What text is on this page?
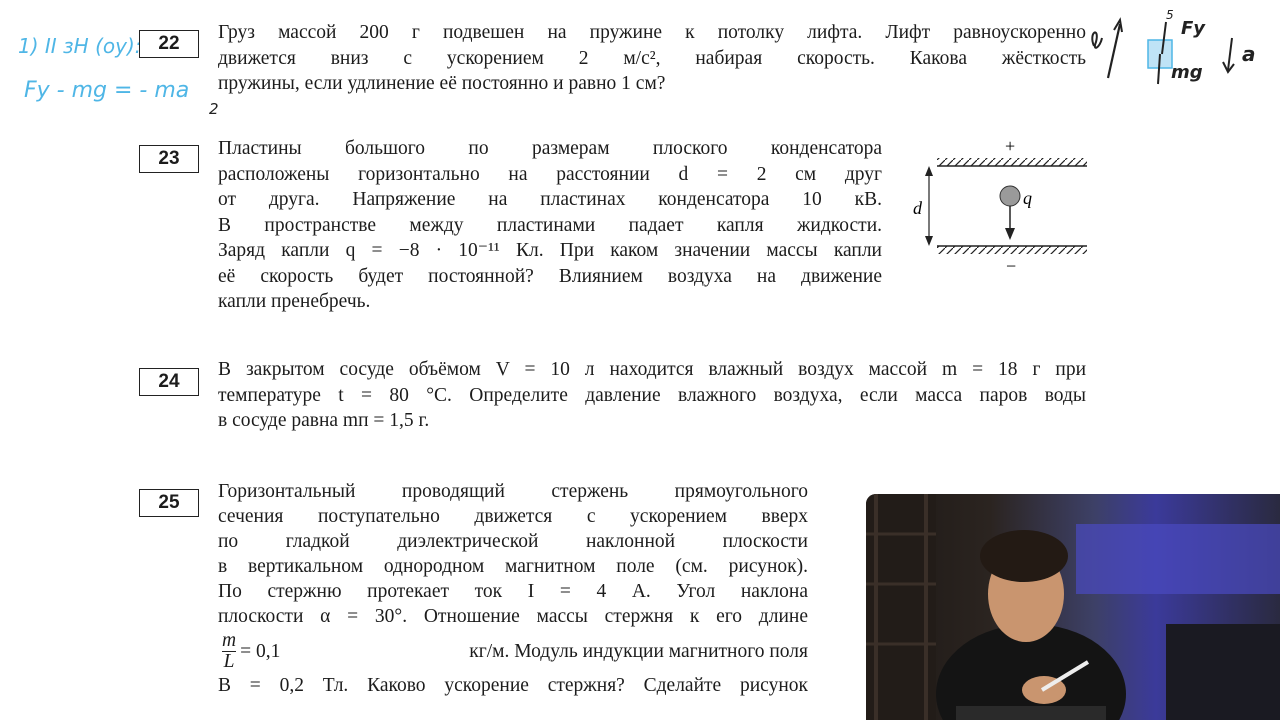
1) II зН (оу):
Fу - mg = - ma
2
5
Fу
mg
a
22
Груз массой 200 г подвешен на пружине к потолку лифта. Лифт равноускоренно
движется вниз с ускорением 2 м/с², набирая скорость. Какова жёсткость
пружины, если удлинение её постоянно и равно 1 см?
23	Пластины большого по размерам плоского конденсатора
расположены горизонтально на расстоянии d = 2 см друг
от друга. Напряжение на пластинах конденсатора 10 кВ.
В пространстве между пластинами падает капля жидкости.
Заряд капли q = −8 · 10⁻¹¹ Кл. При каком значении массы капли
её скорость будет постоянной? Влиянием воздуха на движение
капли пренебречь.
+
−
d	q
24
В закрытом сосуде объёмом V = 10 л находится влажный воздух массой m = 18 г при
температуре t = 80 °C. Определите давление влажного воздуха, если масса паров воды
в сосуде равна mп = 1,5 г.
25
Горизонтальный проводящий стержень прямоугольного
сечения поступательно движется с ускорением вверх
по гладкой диэлектрической наклонной плоскости
в вертикальном однородном магнитном поле (см. рисунок).
По стержню протекает ток I = 4 А. Угол наклона
плоскости α = 30°. Отношение массы стержня к его длине
$\frac{m}{L} = 0,1$	кг/м. Модуль индукции магнитного поля
B = 0,2 Тл. Каково ускорение стержня? Сделайте рисунок
